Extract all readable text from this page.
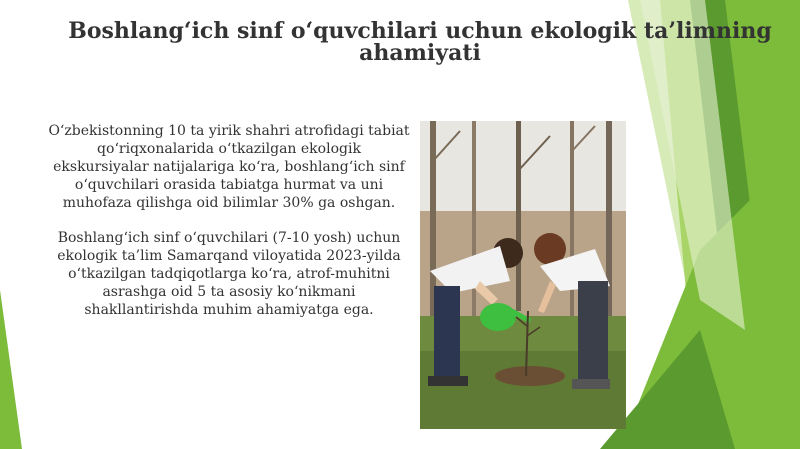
Boshlang‘ich sinf o‘quvchilari uchun ekologik ta’limning
ahamiyati

O‘zbekistonning 10 ta yirik shahri atrofidagi tabiat qo‘riqxonalarida o‘tkazilgan ekologik ekskursiyalar natijalariga ko‘ra, boshlang‘ich sinf o‘quvchilari orasida tabiatga hurmat va uni muhofaza qilishga oid bilimlar 30% ga oshgan.

Boshlang‘ich sinf o‘quvchilari (7-10 yosh) uchun ekologik ta’lim Samarqand viloyatida 2023-yilda o‘tkazilgan tadqiqotlarga ko‘ra, atrof-muhitni asrashga oid 5 ta asosiy ko‘nikmani shakllantirishda muhim ahamiyatga ega.
